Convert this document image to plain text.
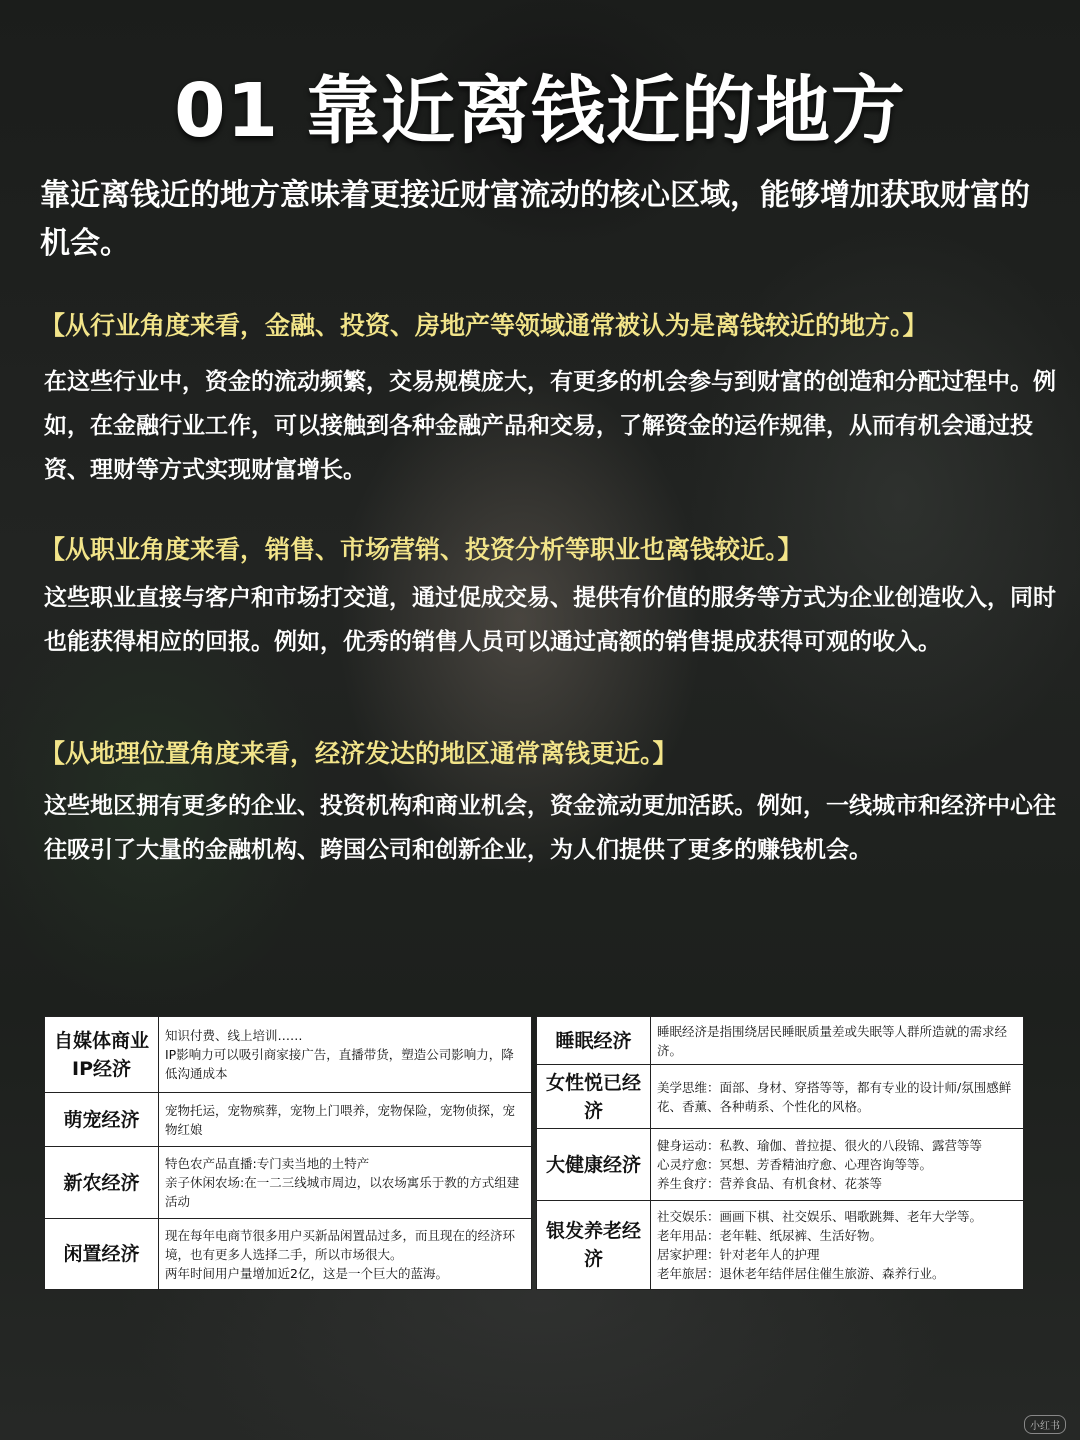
01 靠近离钱近的地方

靠近离钱近的地方意味着更接近财富流动的核心区域，能够增加获取财富的机会。

【从行业角度来看，金融、投资、房地产等领域通常被认为是离钱较近的地方。】

在这些行业中，资金的流动频繁，交易规模庞大，有更多的机会参与到财富的创造和分配过程中。例如，在金融行业工作，可以接触到各种金融产品和交易，了解资金的运作规律，从而有机会通过投资、理财等方式实现财富增长。

【从职业角度来看，销售、市场营销、投资分析等职业也离钱较近。】

这些职业直接与客户和市场打交道，通过促成交易、提供有价值的服务等方式为企业创造收入，同时也能获得相应的回报。例如，优秀的销售人员可以通过高额的销售提成获得可观的收入。

【从地理位置角度来看，经济发达的地区通常离钱更近。】

这些地区拥有更多的企业、投资机构和商业机会，资金流动更加活跃。例如，一线城市和经济中心往往吸引了大量的金融机构、跨国公司和创新企业，为人们提供了更多的赚钱机会。

自媒体商业IP经济
知识付费、线上培训……
IP影响力可以吸引商家接广告，直播带货，塑造公司影响力，降低沟通成本
萌宠经济	宠物托运，宠物殡葬，宠物上门喂养，宠物保险，宠物侦探，宠物红娘
新农经济
特色农产品直播:专门卖当地的土特产
亲子休闲农场:在一二三线城市周边，以农场寓乐于教的方式组建活动
闲置经济
现在每年电商节很多用户买新品闲置品过多，而且现在的经济环境，也有更多人选择二手，所以市场很大。
两年时间用户量增加近2亿，这是一个巨大的蓝海。
睡眠经济	睡眠经济是指围绕居民睡眠质量差或失眠等人群所造就的需求经济。
女性悦已经济
美学思维：面部、身材、穿搭等等，都有专业的设计师/氛围感鲜花、香薰、各种萌系、个性化的风格。
大健康经济
健身运动：私教、瑜伽、普拉提、很火的八段锦、露营等等
心灵疗愈：冥想、芳香精油疗愈、心理咨询等等。
养生食疗：营养食品、有机食材、花茶等
银发养老经济
社交娱乐：画画下棋、社交娱乐、唱歌跳舞、老年大学等。
老年用品：老年鞋、纸尿裤、生活好物。
居家护理：针对老年人的护理
老年旅居：退休老年结伴居住催生旅游、森养行业。
小红书
